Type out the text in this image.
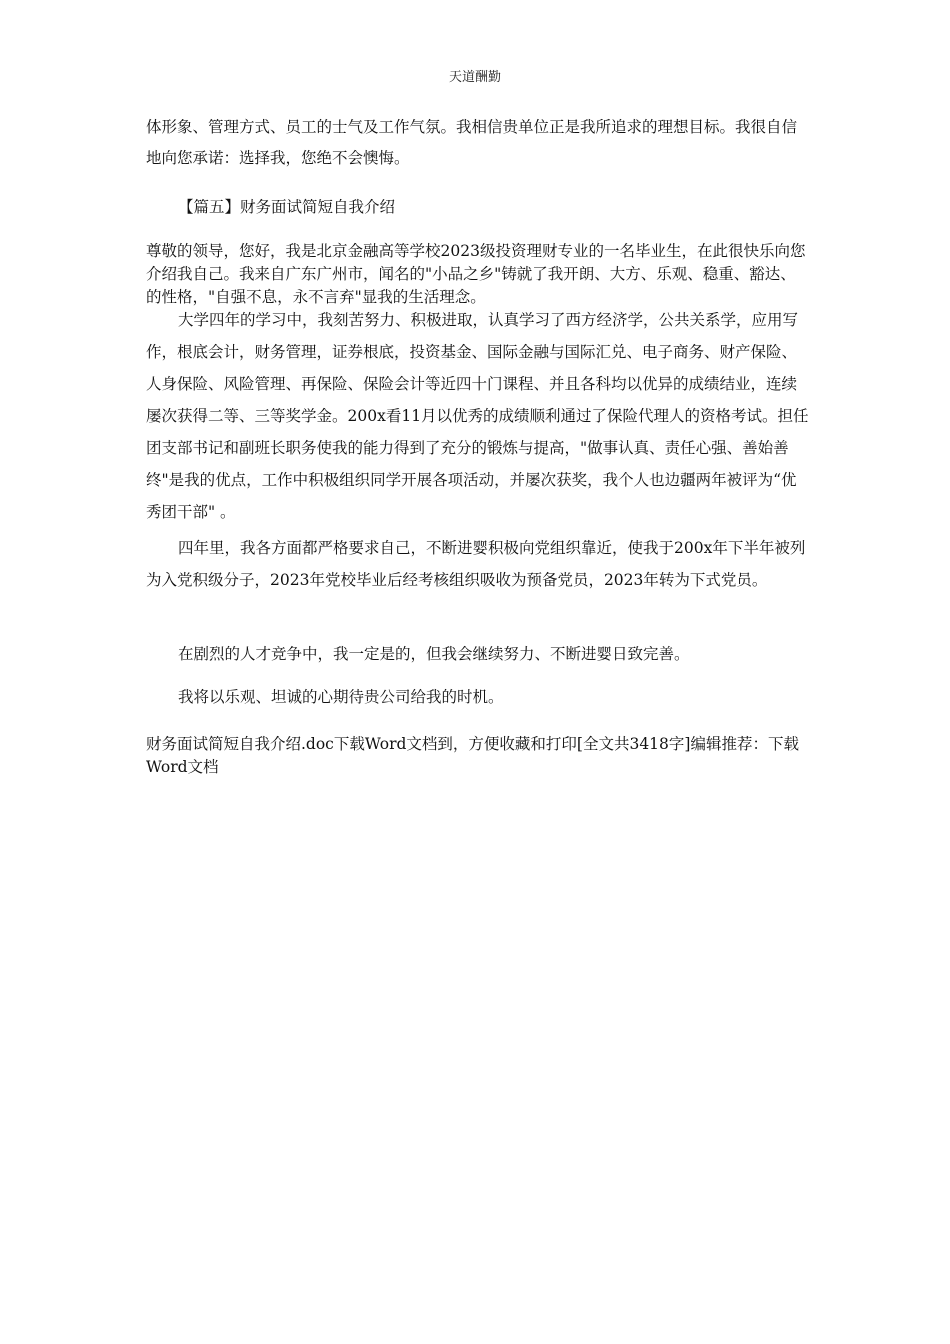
天道酬勤

体形象、管理方式、员工的士气及工作气氛。我相信贵单位正是我所追求的理想目标。我很自信地向您承诺：选择我，您绝不会懊悔。

【篇五】财务面试简短自我介绍

尊敬的领导，您好，我是北京金融高等学校2023级投资理财专业的一名毕业生，在此很快乐向您介绍我自己。我来自广东广州市，闻名的"小品之乡"铸就了我开朗、大方、乐观、稳重、豁达、的性格，"自强不息，永不言弃"显我的生活理念。

大学四年的学习中，我刻苦努力、积极进取，认真学习了西方经济学，公共关系学，应用写作，根底会计，财务管理，证券根底，投资基金、国际金融与国际汇兑、电子商务、财产保险、人身保险、风险管理、再保险、保险会计等近四十门课程、并且各科均以优异的成绩结业，连续屡次获得二等、三等奖学金。200x看11月以优秀的成绩顺利通过了保险代理人的资格考试。担任团支部书记和副班长职务使我的能力得到了充分的锻炼与提高，"做事认真、责任心强、善始善终"是我的优点，工作中积极组织同学开展各项活动，并屡次获奖，我个人也边疆两年被评为“优秀团干部" 。

四年里，我各方面都严格要求自己，不断进婴积极向党组织靠近，使我于200x年下半年被列为入党积级分子，2023年党校毕业后经考核组织吸收为预备党员，2023年转为下式党员。

在剧烈的人才竞争中，我一定是的，但我会继续努力、不断进婴日致完善。

我将以乐观、坦诚的心期待贵公司给我的时机。

财务面试简短自我介绍.doc下载Word文档到，方便收藏和打印[全文共3418字]编辑推荐：下载Word文档
